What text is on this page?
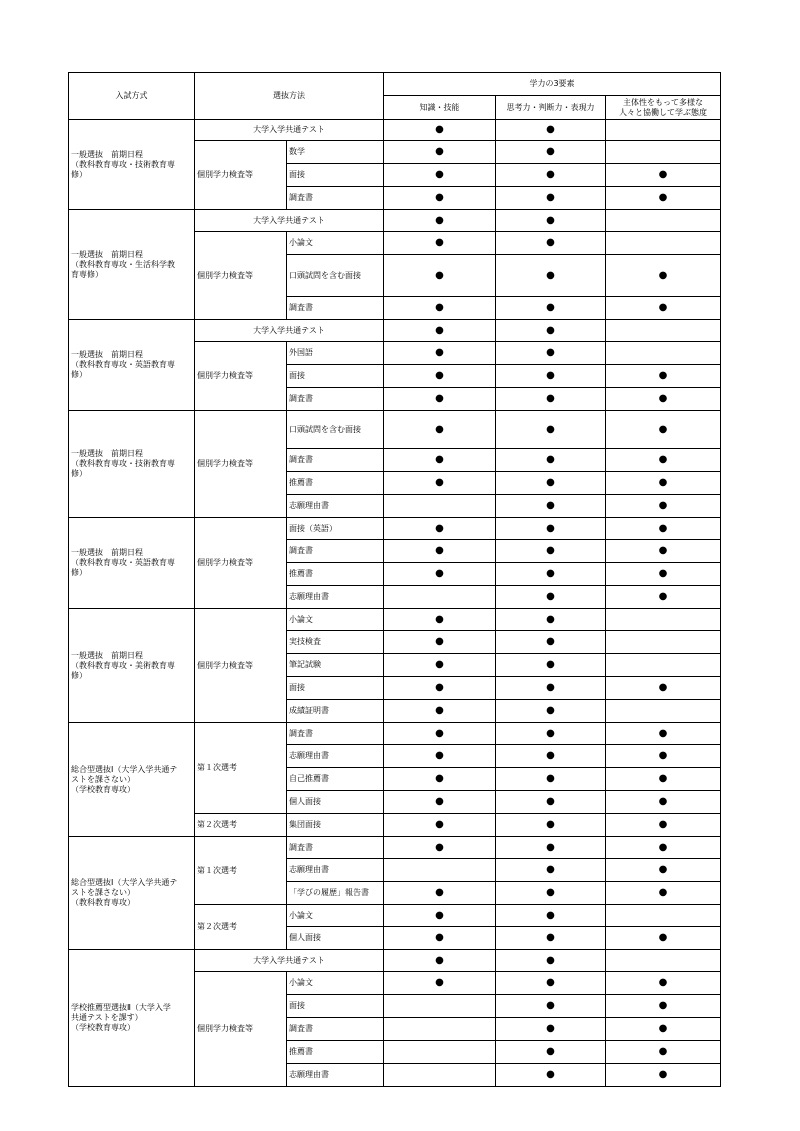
入試方式	選抜方法		学力の3要素		
			知識・技能	思考力・判断力・表現力	主体性をもって多様な
人々と協働して学ぶ態度

一般選抜　前期日程
（教科教育専攻・技術教育専
修）	大学入学共通テスト		●	●	
	個別学力検査等	数学	●	●	
		面接	●	●	●
		調査書	●	●	●

一般選抜　前期日程
（教科教育専攻・生活科学教
育専修）	大学入学共通テスト		●	●	
	個別学力検査等	小論文	●	●	
		口頭試問を含む面接	●	●	●
		調査書	●	●	●

一般選抜　前期日程
（教科教育専攻・英語教育専
修）	大学入学共通テスト		●	●	
	個別学力検査等	外国語	●	●	
		面接	●	●	●
		調査書	●	●	●

一般選抜　前期日程
（教科教育専攻・技術教育専
修）	個別学力検査等	口頭試問を含む面接	●	●	●
		調査書	●	●	●
		推薦書	●	●	●
		志願理由書		●	●

一般選抜　前期日程
（教科教育専攻・英語教育専
修）	個別学力検査等	面接（英語）	●	●	●
		調査書	●	●	●
		推薦書	●	●	●
		志願理由書		●	●

一般選抜　前期日程
（教科教育専攻・美術教育専
修）	個別学力検査等	小論文	●	●	
		実技検査	●	●	
		筆記試験	●	●	
		面接	●	●	●
		成績証明書	●	●	

総合型選抜Ⅰ（大学入学共通テ
ストを課さない）
（学校教育専攻）	第１次選考	調査書	●	●	●
		志願理由書	●	●	●
		自己推薦書	●	●	●
		個人面接	●	●	●
	第２次選考	集団面接	●	●	●

総合型選抜Ⅰ（大学入学共通テ
ストを課さない）
（教科教育専攻）	第１次選考	調査書	●	●	●
		志願理由書		●	●
		「学びの履歴」報告書	●	●	●
	第２次選考	小論文	●	●	
		個人面接	●	●	●

学校推薦型選抜Ⅱ（大学入学
共通テストを課す）
（学校教育専攻）	大学入学共通テスト		●	●	
	個別学力検査等	小論文	●	●	●
		面接		●	●
		調査書		●	●
		推薦書		●	●
		志願理由書		●	●
